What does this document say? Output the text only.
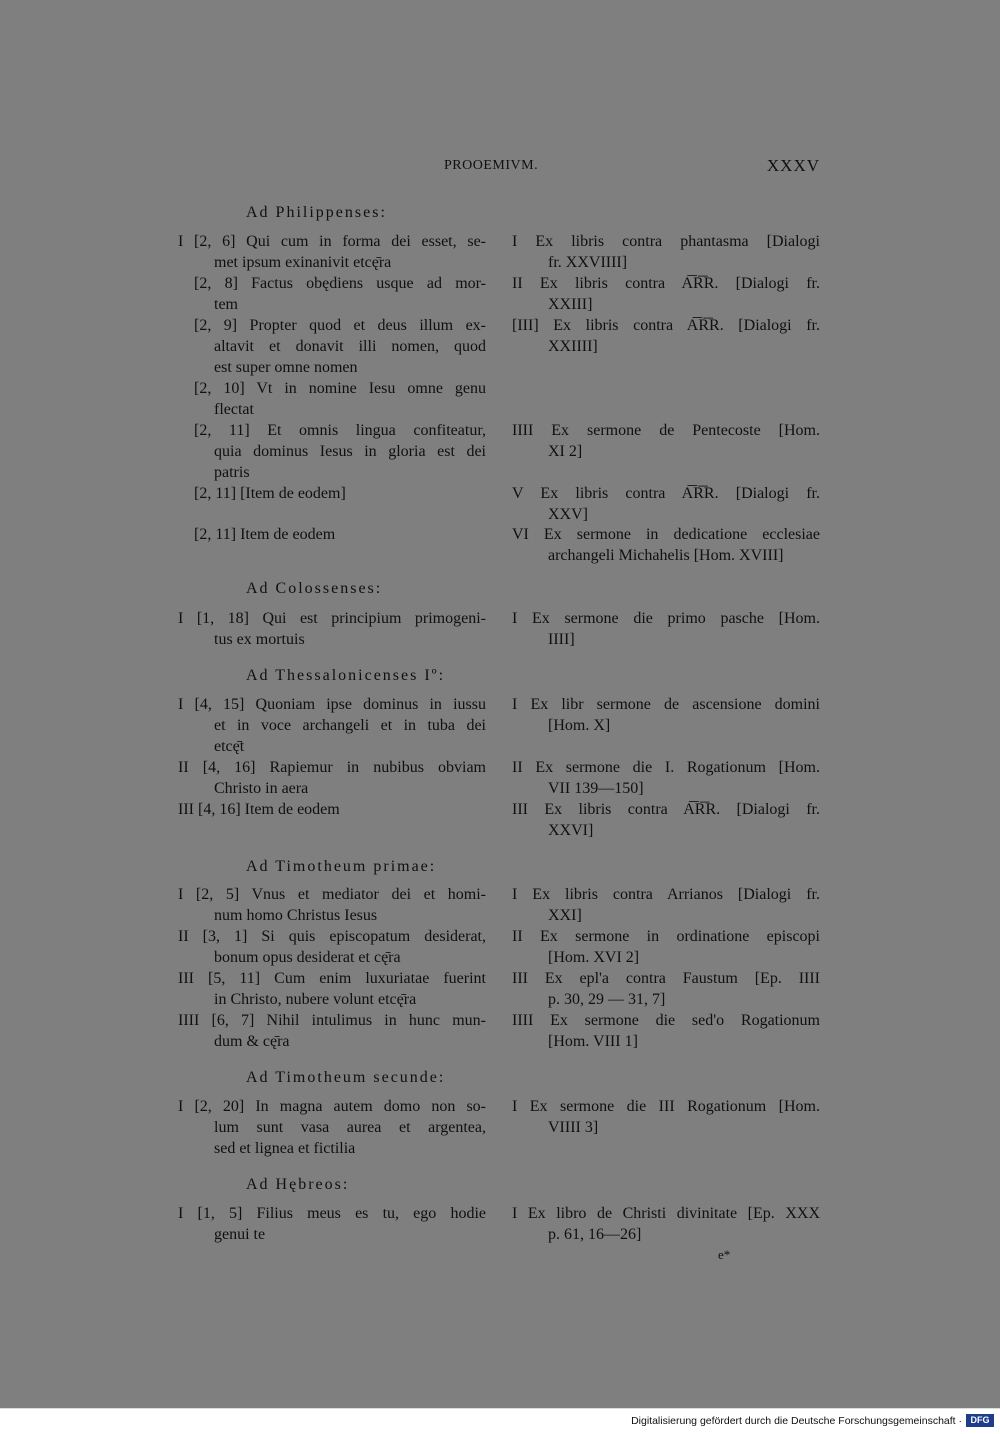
PROOEMIVM.	XXXV
Ad Philippenses:
I [2, 6] Qui cum in forma dei esset, se-
met ipsum exinanivit etcę̄ra
[2, 8] Factus obędiens usque ad mor-
tem
[2, 9] Propter quod et deus illum ex-
altavit et donavit illi nomen, quod
est super omne nomen
[2, 10] Vt in nomine Iesu omne genu
flectat
[2, 11] Et omnis lingua confiteatur,
quia dominus Iesus in gloria est dei
patris
[2, 11] [Item de eodem]
[2, 11] Item de eodem
I Ex libris contra phantasma [Dialogi
fr. XXVIIII]
II Ex libris contra A͞R͞R. [Dialogi fr.
XXIII]
[III] Ex libris contra A͞R͞R. [Dialogi fr.
XXIIII]
IIII Ex sermone de Pentecoste [Hom.
XI 2]
V Ex libris contra A͞R͞R. [Dialogi fr.
XXV]
VI Ex sermone in dedicatione ecclesiae
archangeli Michahelis [Hom. XVIII]
Ad Colossenses:
I [1, 18] Qui est principium primogeni-
tus ex mortuis
I Ex sermone die primo pasche [Hom.
IIII]
Ad Thessalonicenses Iº:
I [4, 15] Quoniam ipse dominus in iussu
et in voce archangeli et in tuba dei
etcę̄t
II [4, 16] Rapiemur in nubibus obviam
Christo in aera
III [4, 16] Item de eodem
I Ex libr sermone de ascensione domini
[Hom. X]
II Ex sermone die I. Rogationum [Hom.
VII 139—150]
III Ex libris contra A͞R͞R. [Dialogi fr.
XXVI]
Ad Timotheum primae:
I [2, 5] Vnus et mediator dei et homi-
num homo Christus Iesus
II [3, 1] Si quis episcopatum desiderat,
bonum opus desiderat et cę̄ra
III [5, 11] Cum enim luxuriatae fuerint
in Christo, nubere volunt etcę̄ra
IIII [6, 7] Nihil intulimus in hunc mun-
dum & cę̄ra
I Ex libris contra Arrianos [Dialogi fr.
XXI]
II Ex sermone in ordinatione episcopi
[Hom. XVI 2]
III Ex epl'a contra Faustum [Ep. IIII
p. 30, 29 — 31, 7]
IIII Ex sermone die sed'o Rogationum
[Hom. VIII 1]
Ad Timotheum secunde:
I [2, 20] In magna autem domo non so-
lum sunt vasa aurea et argentea,
sed et lignea et fictilia
I Ex sermone die III Rogationum [Hom.
VIIII 3]
Ad Hębreos:
I [1, 5] Filius meus es tu, ego hodie
genui te
I Ex libro de Christi divinitate [Ep. XXX
p. 61, 16—26]
e*
Digitalisierung gefördert durch die Deutsche Forschungsgemeinschaft · DFG
